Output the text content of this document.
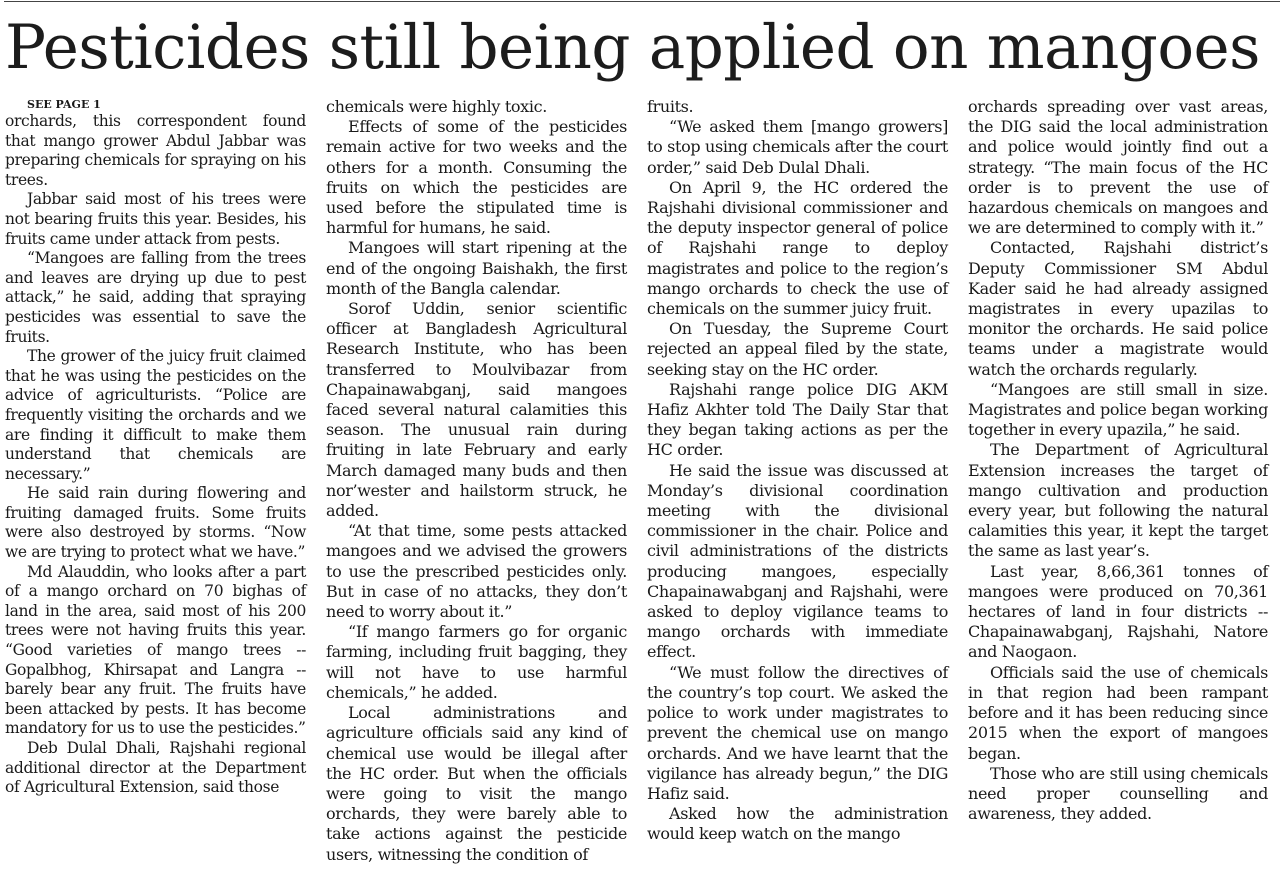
Pesticides still being applied on mangoes

SEE PAGE 1

orchards, this correspondent found that mango grower Abdul Jabbar was preparing chemicals for spraying on his trees.

Jabbar said most of his trees were not bearing fruits this year. Besides, his fruits came under attack from pests.

“Mangoes are falling from the trees and leaves are drying up due to pest attack,” he said, adding that spraying pesticides was essential to save the fruits.

The grower of the juicy fruit claimed that he was using the pesticides on the advice of agriculturists. “Police are frequently visiting the orchards and we are finding it difficult to make them understand that chemicals are necessary.”

He said rain during flowering and fruiting damaged fruits. Some fruits were also destroyed by storms. “Now we are trying to protect what we have.”

Md Alauddin, who looks after a part of a mango orchard on 70 bighas of land in the area, said most of his 200 trees were not having fruits this year. “Good varieties of mango trees -- Gopalbhog, Khirsapat and Langra -- barely bear any fruit. The fruits have been attacked by pests. It has become mandatory for us to use the pesticides.”

Deb Dulal Dhali, Rajshahi regional additional director at the Department of Agricultural Extension, said those

chemicals were highly toxic.

Effects of some of the pesticides remain active for two weeks and the others for a month. Consuming the fruits on which the pesticides are used before the stipulated time is harmful for humans, he said.

Mangoes will start ripening at the end of the ongoing Baishakh, the first month of the Bangla calendar.

Sorof Uddin, senior scientific officer at Bangladesh Agricultural Research Institute, who has been transferred to Moulvibazar from Chapainawabganj, said mangoes faced several natural calamities this season. The unusual rain during fruiting in late February and early March damaged many buds and then nor’wester and hailstorm struck, he added.

“At that time, some pests attacked mangoes and we advised the growers to use the prescribed pesticides only. But in case of no attacks, they don’t need to worry about it.”

“If mango farmers go for organic farming, including fruit bagging, they will not have to use harmful chemicals,” he added.

Local administrations and agriculture officials said any kind of chemical use would be illegal after the HC order. But when the officials were going to visit the mango orchards, they were barely able to take actions against the pesticide users, witnessing the condition of

fruits.

“We asked them [mango growers] to stop using chemicals after the court order,” said Deb Dulal Dhali.

On April 9, the HC ordered the Rajshahi divisional commissioner and the deputy inspector general of police of Rajshahi range to deploy magistrates and police to the region’s mango orchards to check the use of chemicals on the summer juicy fruit.

On Tuesday, the Supreme Court rejected an appeal filed by the state, seeking stay on the HC order.

Rajshahi range police DIG AKM Hafiz Akhter told The Daily Star that they began taking actions as per the HC order.

He said the issue was discussed at Monday’s divisional coordination meeting with the divisional commissioner in the chair. Police and civil administrations of the districts producing mangoes, especially Chapainawabganj and Rajshahi, were asked to deploy vigilance teams to mango orchards with immediate effect.

“We must follow the directives of the country’s top court. We asked the police to work under magistrates to prevent the chemical use on mango orchards. And we have learnt that the vigilance has already begun,” the DIG Hafiz said.

Asked how the administration would keep watch on the mango

orchards spreading over vast areas, the DIG said the local administration and police would jointly find out a strategy. “The main focus of the HC order is to prevent the use of hazardous chemicals on mangoes and we are determined to comply with it.”

Contacted, Rajshahi district’s Deputy Commissioner SM Abdul Kader said he had already assigned magistrates in every upazilas to monitor the orchards. He said police teams under a magistrate would watch the orchards regularly.

“Mangoes are still small in size. Magistrates and police began working together in every upazila,” he said.

The Department of Agricultural Extension increases the target of mango cultivation and production every year, but following the natural calamities this year, it kept the target the same as last year’s.

Last year, 8,66,361 tonnes of mangoes were produced on 70,361 hectares of land in four districts -- Chapainawabganj, Rajshahi, Natore and Naogaon.

Officials said the use of chemicals in that region had been rampant before and it has been reducing since 2015 when the export of mangoes began.

Those who are still using chemicals need proper counselling and awareness, they added.
